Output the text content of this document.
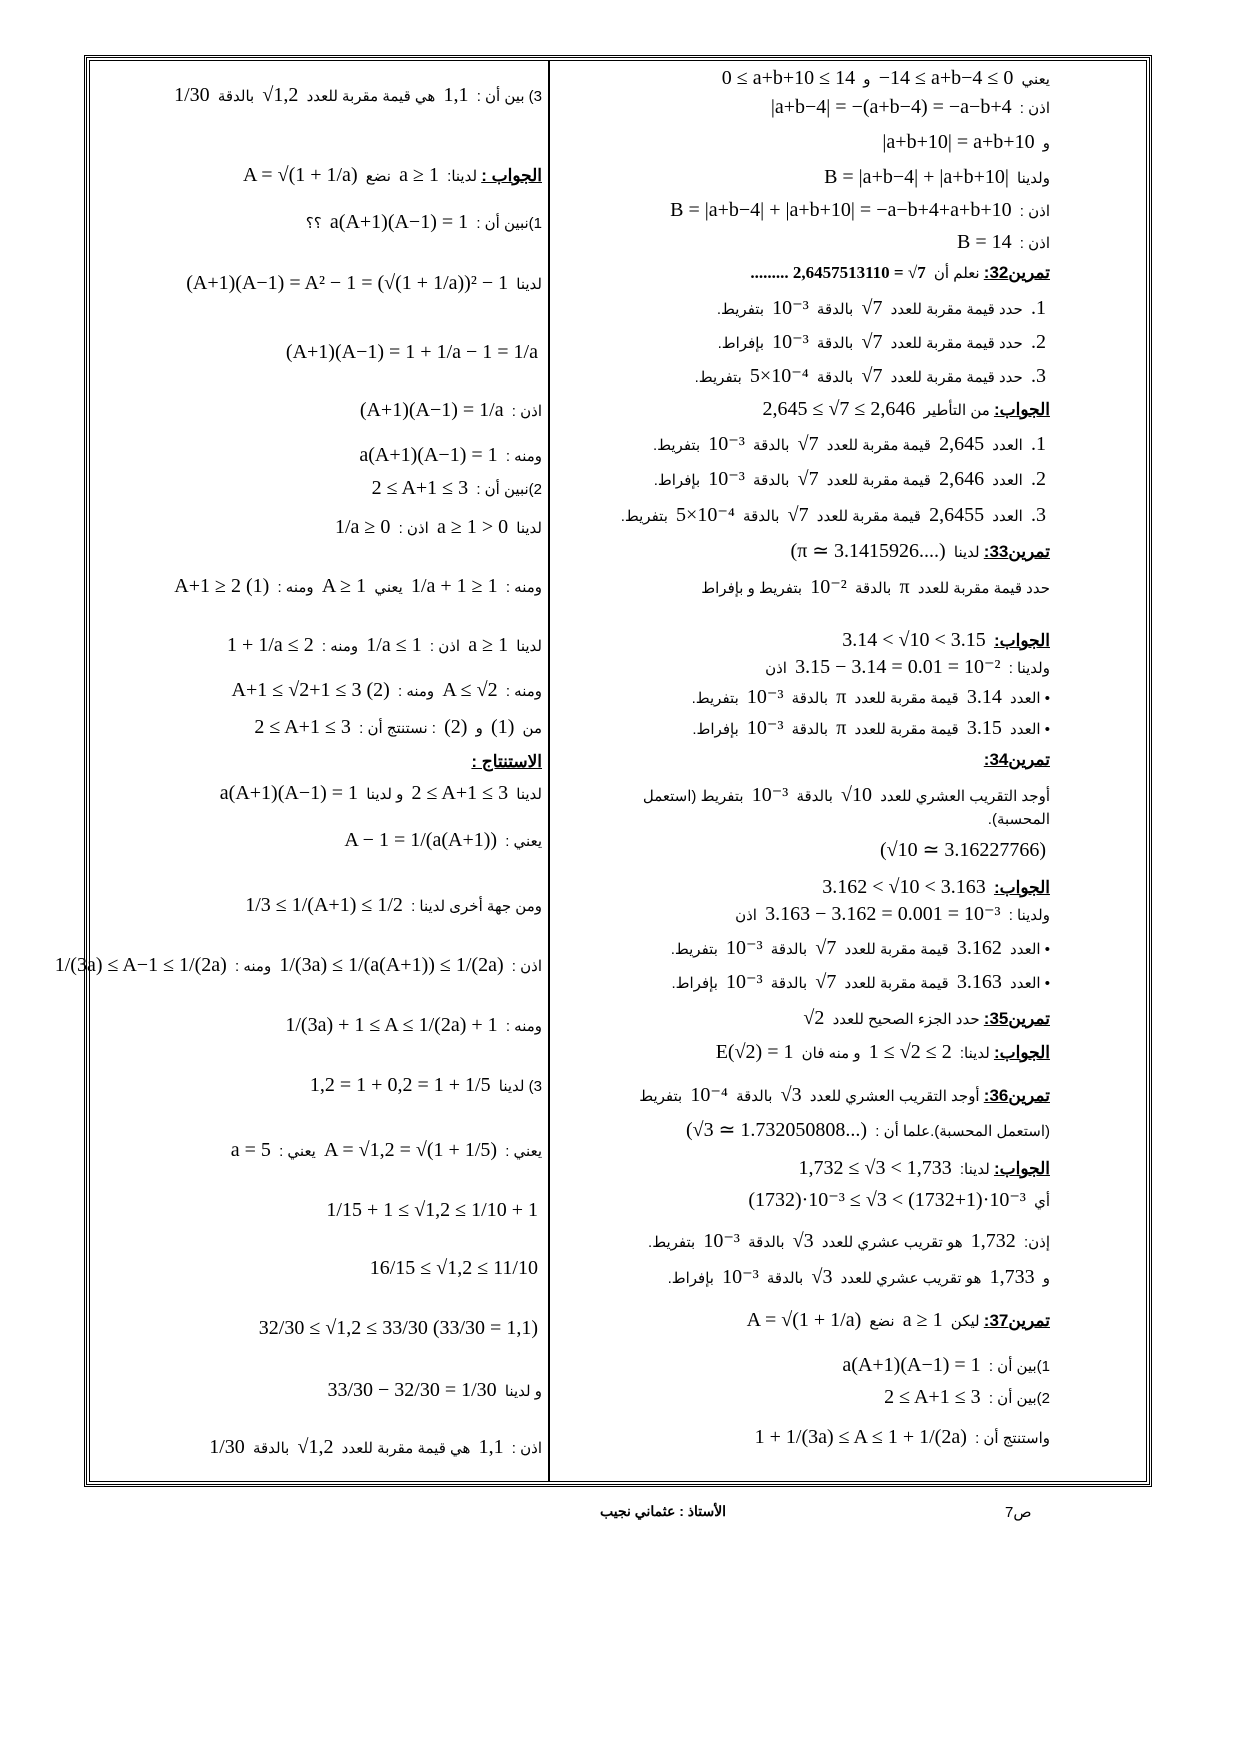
يعني −14 ≤ a+b−4 ≤ 0 و 0 ≤ a+b+10 ≤ 14
اذن : |a+b−4| = −(a+b−4) = −a−b+4
و |a+b+10| = a+b+10
ولدينا B = |a+b−4| + |a+b+10|
اذن : B = |a+b−4| + |a+b+10| = −a−b+4+a+b+10
اذن : B = 14
تمرين32: نعلم أن ......... 2,6457513110 = √7
.1 حدد قيمة مقربة للعدد √7 بالدقة 10⁻³ بتفريط.
.2 حدد قيمة مقربة للعدد √7 بالدقة 10⁻³ بإفراط.
.3 حدد قيمة مقربة للعدد √7 بالدقة 5×10⁻⁴ بتفريط.
الجواب: من التأطير 2,645 ≤ √7 ≤ 2,646
.1 العدد 2,645 قيمة مقربة للعدد √7 بالدقة 10⁻³ بتفريط.
.2 العدد 2,646 قيمة مقربة للعدد √7 بالدقة 10⁻³ بإفراط.
.3 العدد 2,6455 قيمة مقربة للعدد √7 بالدقة 5×10⁻⁴ بتفريط.
تمرين33: لدينا (π ≃ 3.1415926....)
حدد قيمة مقربة للعدد π بالدقة 10⁻² بتفريط و بإفراط
الجواب: 3.14 < √10 < 3.15
ولدينا : 3.15 − 3.14 = 0.01 = 10⁻² اذن
• العدد 3.14 قيمة مقربة للعدد π بالدقة 10⁻³ بتفريط.
• العدد 3.15 قيمة مقربة للعدد π بالدقة 10⁻³ بإفراط.
تمرين34:
أوجد التقريب العشري للعدد √10 بالدقة 10⁻³ بتفريط (استعمل
المحسبة).
(√10 ≃ 3.16227766)
الجواب: 3.162 < √10 < 3.163
ولدينا : 3.163 − 3.162 = 0.001 = 10⁻³ اذن
• العدد 3.162 قيمة مقربة للعدد √7 بالدقة 10⁻³ بتفريط.
• العدد 3.163 قيمة مقربة للعدد √7 بالدقة 10⁻³ بإفراط.
تمرين35: حدد الجزء الصحيح للعدد √2
الجواب: لدينا: 1 ≤ √2 ≤ 2 و منه فان E(√2) = 1
تمرين36: أوجد التقريب العشري للعدد √3 بالدقة 10⁻⁴ بتفريط
(استعمل المحسبة).علما أن : (√3 ≃ 1.732050808...)
الجواب: لدينا: 1,732 ≤ √3 < 1,733
أي (1732)·10⁻³ ≤ √3 < (1732+1)·10⁻³
إذن: 1,732 هو تقريب عشري للعدد √3 بالدقة 10⁻³ بتفريط.
و 1,733 هو تقريب عشري للعدد √3 بالدقة 10⁻³ بإفراط.
تمرين37: ليكن a ≥ 1 نضع A = √(1 + 1/a)
1)بين أن : a(A+1)(A−1) = 1
2)بين أن : 2 ≤ A+1 ≤ 3
واستنتج أن : 1 + 1/(3a) ≤ A ≤ 1 + 1/(2a)
3) بين أن : 1,1 هي قيمة مقربة للعدد √1,2 بالدقة 1/30
الجواب : لدينا: a ≥ 1 نضع A = √(1 + 1/a)
1)نبين أن : a(A+1)(A−1) = 1 ؟؟
لدينا (A+1)(A−1) = A² − 1 = (√(1 + 1/a))² − 1
(A+1)(A−1) = 1 + 1/a − 1 = 1/a
اذن : (A+1)(A−1) = 1/a
ومنه : a(A+1)(A−1) = 1
2)نبين أن : 2 ≤ A+1 ≤ 3
لدينا a ≥ 1 > 0 اذن : 1/a ≥ 0
ومنه : 1/a + 1 ≥ 1 يعني A ≥ 1 ومنه : A+1 ≥ 2 (1)
لدينا a ≥ 1 اذن : 1/a ≤ 1 ومنه : 1 + 1/a ≤ 2
ومنه : A ≤ √2 ومنه : A+1 ≤ √2+1 ≤ 3 (2)
من (1) و (2) : نستنتج أن : 2 ≤ A+1 ≤ 3
الاستنتاج :
لدينا 2 ≤ A+1 ≤ 3 و لدينا a(A+1)(A−1) = 1
يعني : A − 1 = 1/(a(A+1))
ومن جهة أخرى لدينا : 1/3 ≤ 1/(A+1) ≤ 1/2
اذن : 1/(3a) ≤ 1/(a(A+1)) ≤ 1/(2a) ومنه : 1/(3a) ≤ A−1 ≤ 1/(2a)
ومنه : 1/(3a) + 1 ≤ A ≤ 1/(2a) + 1
3) لدينا 1,2 = 1 + 0,2 = 1 + 1/5
يعني : A = √1,2 = √(1 + 1/5) يعني : a = 5
1/15 + 1 ≤ √1,2 ≤ 1/10 + 1
16/15 ≤ √1,2 ≤ 11/10
32/30 ≤ √1,2 ≤ 33/30 (33/30 = 1,1)
و لدينا 33/30 − 32/30 = 1/30
اذن : 1,1 هي قيمة مقربة للعدد √1,2 بالدقة 1/30
الأستاذ : عثماني نجيب	ص7
